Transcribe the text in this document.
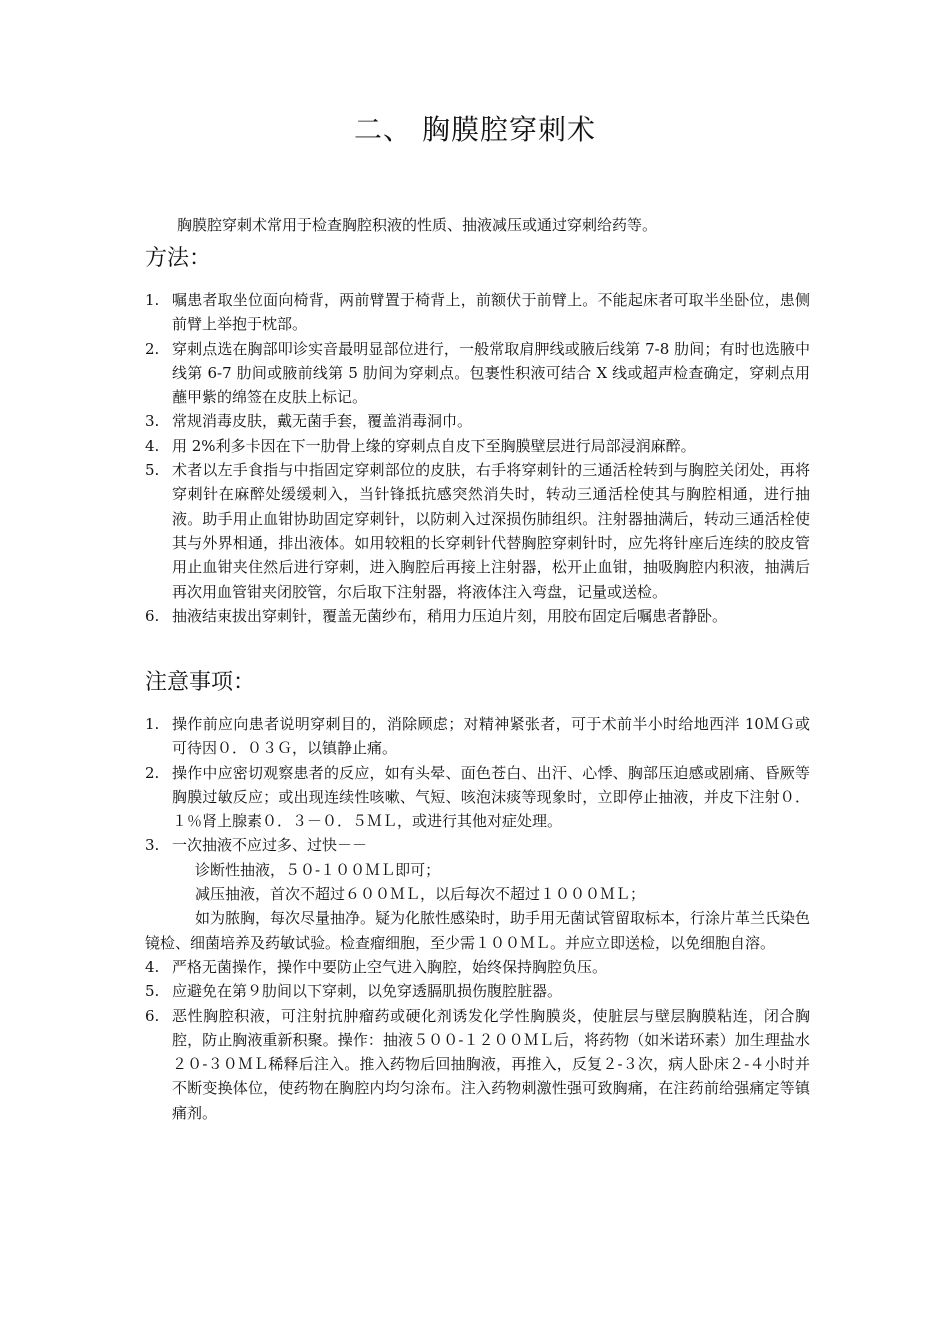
二、 胸膜腔穿刺术
胸膜腔穿刺术常用于检查胸腔积液的性质、抽液减压或通过穿刺给药等。
方法：
1. 嘱患者取坐位面向椅背，两前臂置于椅背上，前额伏于前臂上。不能起床者可取半坐卧位，患侧前臂上举抱于枕部。
2. 穿刺点选在胸部叩诊实音最明显部位进行，一般常取肩胛线或腋后线第 7-8 肋间；有时也选腋中线第 6-7 肋间或腋前线第 5 肋间为穿刺点。包裹性积液可结合 X 线或超声检查确定，穿刺点用蘸甲紫的绵签在皮肤上标记。
3. 常规消毒皮肤，戴无菌手套，覆盖消毒洞巾。
4. 用 2%利多卡因在下一肋骨上缘的穿刺点自皮下至胸膜壁层进行局部浸润麻醉。
5. 术者以左手食指与中指固定穿刺部位的皮肤，右手将穿刺针的三通活栓转到与胸腔关闭处，再将穿刺针在麻醉处缓缓刺入，当针锋抵抗感突然消失时，转动三通活栓使其与胸腔相通，进行抽液。助手用止血钳协助固定穿刺针，以防刺入过深损伤肺组织。注射器抽满后，转动三通活栓使其与外界相通，排出液体。如用较粗的长穿刺针代替胸腔穿刺针时，应先将针座后连续的胶皮管用止血钳夹住然后进行穿刺，进入胸腔后再接上注射器，松开止血钳，抽吸胸腔内积液，抽满后再次用血管钳夹闭胶管，尔后取下注射器，将液体注入弯盘，记量或送检。
6. 抽液结束拔出穿刺针，覆盖无菌纱布，稍用力压迫片刻，用胶布固定后嘱患者静卧。
注意事项：
1. 操作前应向患者说明穿刺目的，消除顾虑；对精神紧张者，可于术前半小时给地西泮 10ＭＧ或可待因０．０３Ｇ，以镇静止痛。
2. 操作中应密切观察患者的反应，如有头晕、面色苍白、出汗、心悸、胸部压迫感或剧痛、昏厥等胸膜过敏反应；或出现连续性咳嗽、气短、咳泡沫痰等现象时，立即停止抽液，并皮下注射０．１％肾上腺素０．３－０．５ＭＬ，或进行其他对症处理。
3. 一次抽液不应过多、过快－－
诊断性抽液，５０-１００ＭＬ即可；
减压抽液，首次不超过６００ＭＬ，以后每次不超过１０００ＭＬ；
如为脓胸，每次尽量抽净。疑为化脓性感染时，助手用无菌试管留取标本，行涂片革兰氏染色镜检、细菌培养及药敏试验。检查瘤细胞，至少需１００ＭＬ。并应立即送检，以免细胞自溶。
4. 严格无菌操作，操作中要防止空气进入胸腔，始终保持胸腔负压。
5. 应避免在第９肋间以下穿刺，以免穿透膈肌损伤腹腔脏器。
6. 恶性胸腔积液，可注射抗肿瘤药或硬化剂诱发化学性胸膜炎，使脏层与壁层胸膜粘连，闭合胸腔，防止胸液重新积聚。操作：抽液５００-１２００ＭＬ后，将药物（如米诺环素）加生理盐水２０-３０ＭＬ稀释后注入。推入药物后回抽胸液，再推入，反复２-３次，病人卧床２-４小时并不断变换体位，使药物在胸腔内均匀涂布。注入药物刺激性强可致胸痛，在注药前给强痛定等镇痛剂。
